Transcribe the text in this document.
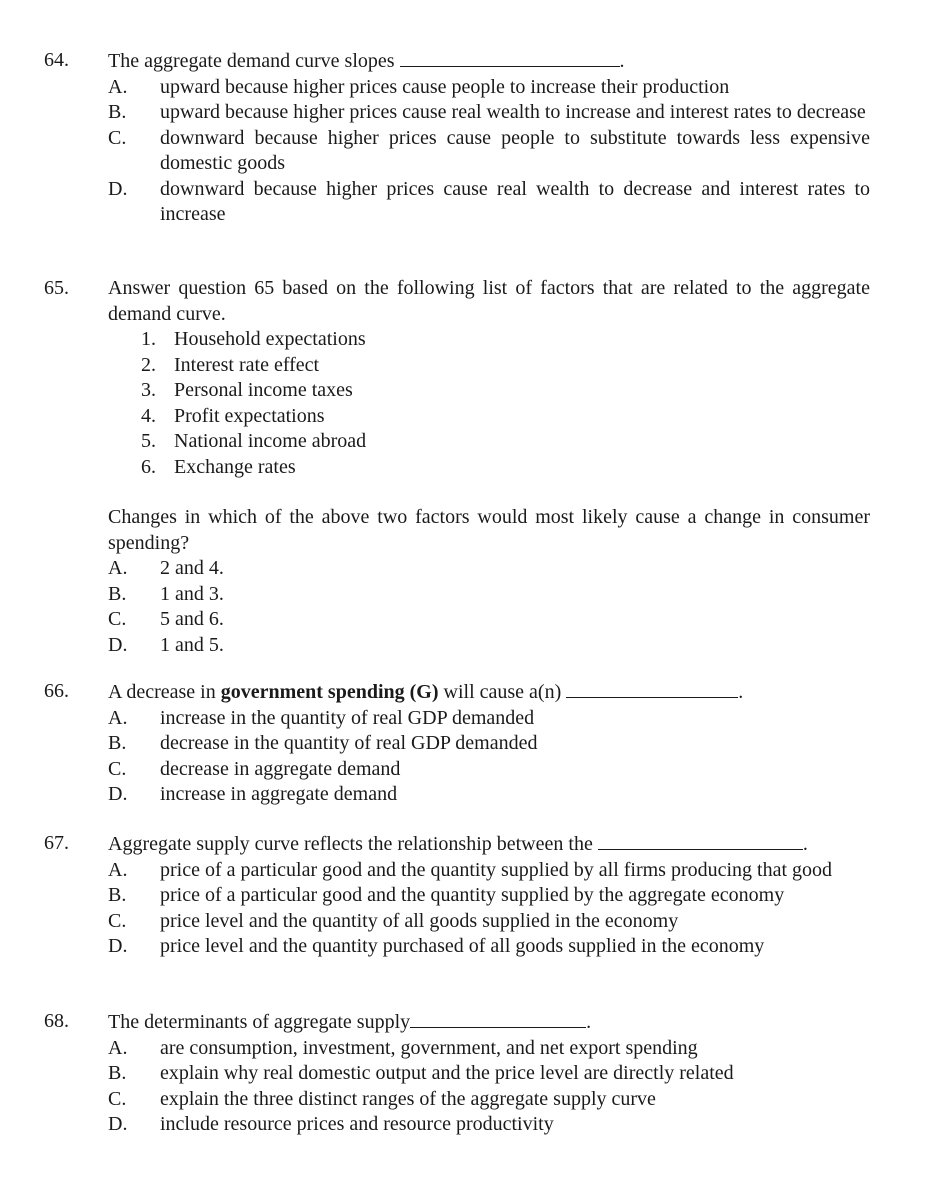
64. The aggregate demand curve slopes	.
A. upward because higher prices cause people to increase their production
B. upward because higher prices cause real wealth to increase and interest rates to decrease
C. downward because higher prices cause people to substitute towards less expensive domestic goods
D. downward because higher prices cause real wealth to decrease and interest rates to increase
65. Answer question 65 based on the following list of factors that are related to the aggregate demand curve.
1. Household expectations
2. Interest rate effect
3. Personal income taxes
4. Profit expectations
5. National income abroad
6. Exchange rates
Changes in which of the above two factors would most likely cause a change in consumer spending?
A. 2 and 4.
B. 1 and 3.
C. 5 and 6.
D. 1 and 5.
66. A decrease in government spending (G) will cause a(n)	.
A. increase in the quantity of real GDP demanded
B. decrease in the quantity of real GDP demanded
C. decrease in aggregate demand
D. increase in aggregate demand
67. Aggregate supply curve reflects the relationship between the	.
A. price of a particular good and the quantity supplied by all firms producing that good
B. price of a particular good and the quantity supplied by the aggregate economy
C. price level and the quantity of all goods supplied in the economy
D. price level and the quantity purchased of all goods supplied in the economy
68. The determinants of aggregate supply	.
A. are consumption, investment, government, and net export spending
B. explain why real domestic output and the price level are directly related
C. explain the three distinct ranges of the aggregate supply curve
D. include resource prices and resource productivity
